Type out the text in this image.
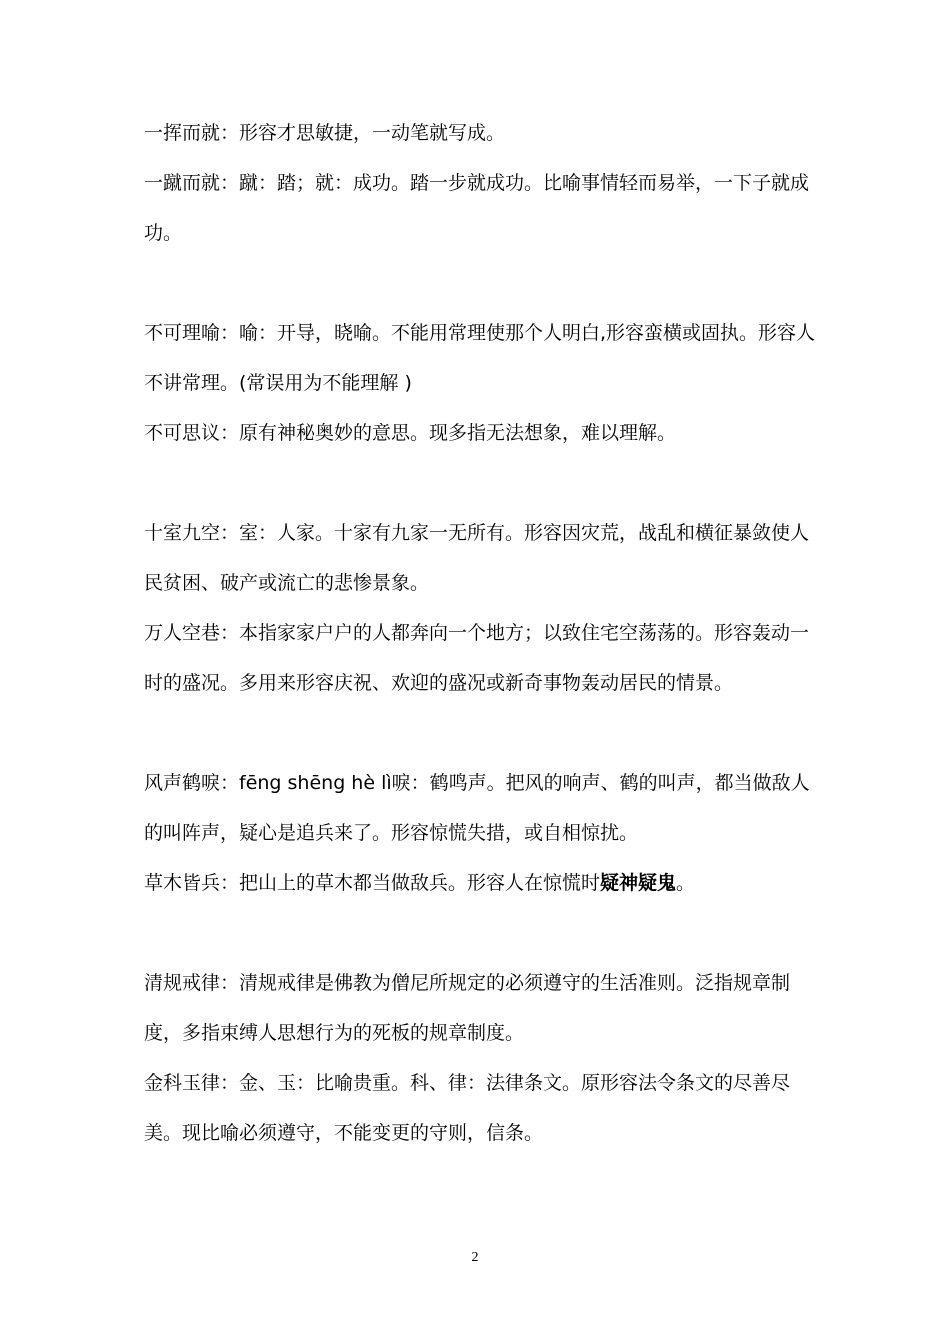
一挥而就：形容才思敏捷，一动笔就写成。

一蹴而就：蹴：踏；就：成功。踏一步就成功。比喻事情轻而易举，一下子就成功。

不可理喻：喻：开导，晓喻。不能用常理使那个人明白,形容蛮横或固执。形容人不讲常理。(常误用为不能理解 )

不可思议：原有神秘奥妙的意思。现多指无法想象，难以理解。

十室九空：室：人家。十家有九家一无所有。形容因灾荒，战乱和横征暴敛使人民贫困、破产或流亡的悲惨景象。

万人空巷：本指家家户户的人都奔向一个地方；以致住宅空荡荡的。形容轰动一时的盛况。多用来形容庆祝、欢迎的盛况或新奇事物轰动居民的情景。

风声鹤唳：fēng shēng hè lì唳：鹤鸣声。把风的响声、鹤的叫声，都当做敌人的叫阵声，疑心是追兵来了。形容惊慌失措，或自相惊扰。

草木皆兵：把山上的草木都当做敌兵。形容人在惊慌时疑神疑鬼。

清规戒律：清规戒律是佛教为僧尼所规定的必须遵守的生活准则。泛指规章制度，多指束缚人思想行为的死板的规章制度。

金科玉律：金、玉：比喻贵重。科、律：法律条文。原形容法令条文的尽善尽美。现比喻必须遵守，不能变更的守则，信条。

2
